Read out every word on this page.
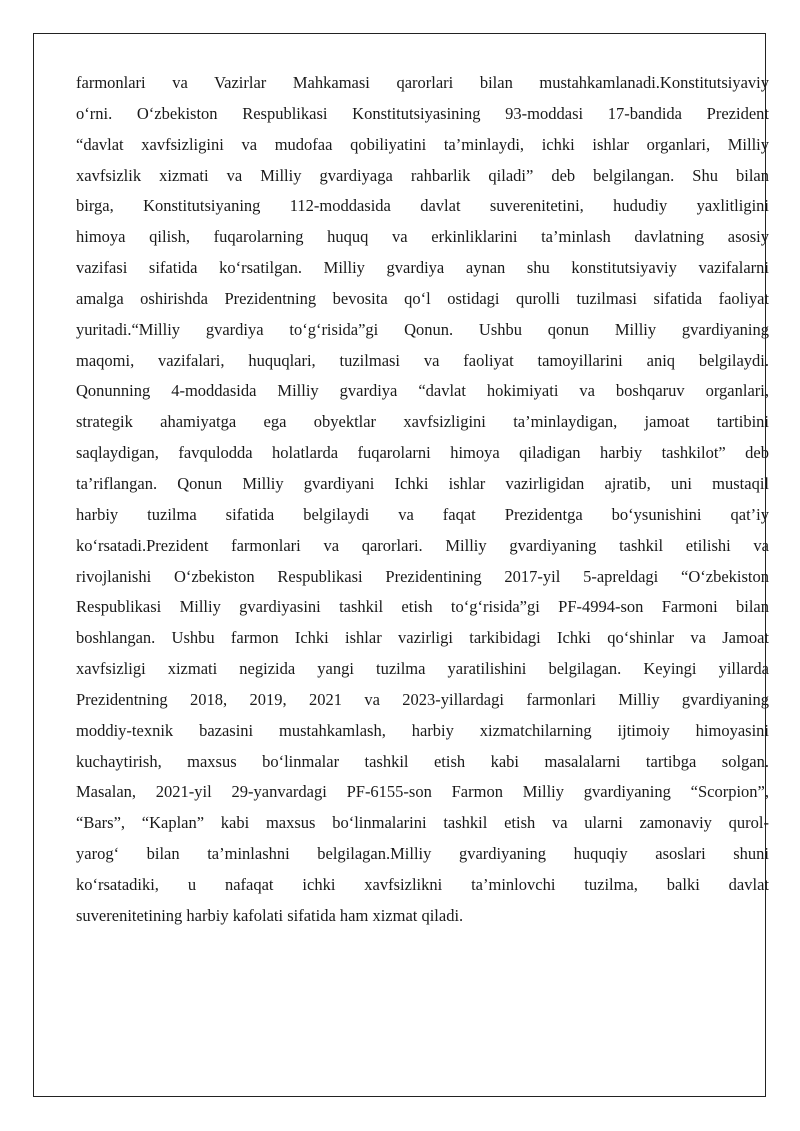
farmonlari va Vazirlar Mahkamasi qarorlari bilan mustahkamlanadi.Konstitutsiyaviy
o‘rni. O‘zbekiston Respublikasi Konstitutsiyasining 93-moddasi 17-bandida Prezident
“davlat xavfsizligini va mudofaa qobiliyatini ta’minlaydi, ichki ishlar organlari, Milliy
xavfsizlik xizmati va Milliy gvardiyaga rahbarlik qiladi” deb belgilangan. Shu bilan
birga, Konstitutsiyaning 112-moddasida davlat suverenitetini, hududiy yaxlitligini
himoya qilish, fuqarolarning huquq va erkinliklarini ta’minlash davlatning asosiy
vazifasi sifatida ko‘rsatilgan. Milliy gvardiya aynan shu konstitutsiyaviy vazifalarni
amalga oshirishda Prezidentning bevosita qo‘l ostidagi qurolli tuzilmasi sifatida faoliyat
yuritadi.“Milliy gvardiya to‘g‘risida”gi Qonun. Ushbu qonun Milliy gvardiyaning
maqomi, vazifalari, huquqlari, tuzilmasi va faoliyat tamoyillarini aniq belgilaydi.
Qonunning 4-moddasida Milliy gvardiya “davlat hokimiyati va boshqaruv organlari,
strategik ahamiyatga ega obyektlar xavfsizligini ta’minlaydigan, jamoat tartibini
saqlaydigan, favqulodda holatlarda fuqarolarni himoya qiladigan harbiy tashkilot” deb
ta’riflangan. Qonun Milliy gvardiyani Ichki ishlar vazirligidan ajratib, uni mustaqil
harbiy tuzilma sifatida belgilaydi va faqat Prezidentga bo‘ysunishini qat’iy
ko‘rsatadi.Prezident farmonlari va qarorlari. Milliy gvardiyaning tashkil etilishi va
rivojlanishi O‘zbekiston Respublikasi Prezidentining 2017-yil 5-apreldagi “O‘zbekiston
Respublikasi Milliy gvardiyasini tashkil etish to‘g‘risida”gi PF-4994-son Farmoni bilan
boshlangan. Ushbu farmon Ichki ishlar vazirligi tarkibidagi Ichki qo‘shinlar va Jamoat
xavfsizligi xizmati negizida yangi tuzilma yaratilishini belgilagan. Keyingi yillarda
Prezidentning 2018, 2019, 2021 va 2023-yillardagi farmonlari Milliy gvardiyaning
moddiy-texnik bazasini mustahkamlash, harbiy xizmatchilarning ijtimoiy himoyasini
kuchaytirish, maxsus bo‘linmalar tashkil etish kabi masalalarni tartibga solgan.
Masalan, 2021-yil 29-yanvardagi PF-6155-son Farmon Milliy gvardiyaning “Scorpion”,
“Bars”, “Kaplan” kabi maxsus bo‘linmalarini tashkil etish va ularni zamonaviy qurol-
yarog‘ bilan ta’minlashni belgilagan.Milliy gvardiyaning huquqiy asoslari shuni
ko‘rsatadiki, u nafaqat ichki xavfsizlikni ta’minlovchi tuzilma, balki davlat
suverenitetining harbiy kafolati sifatida ham xizmat qiladi.
